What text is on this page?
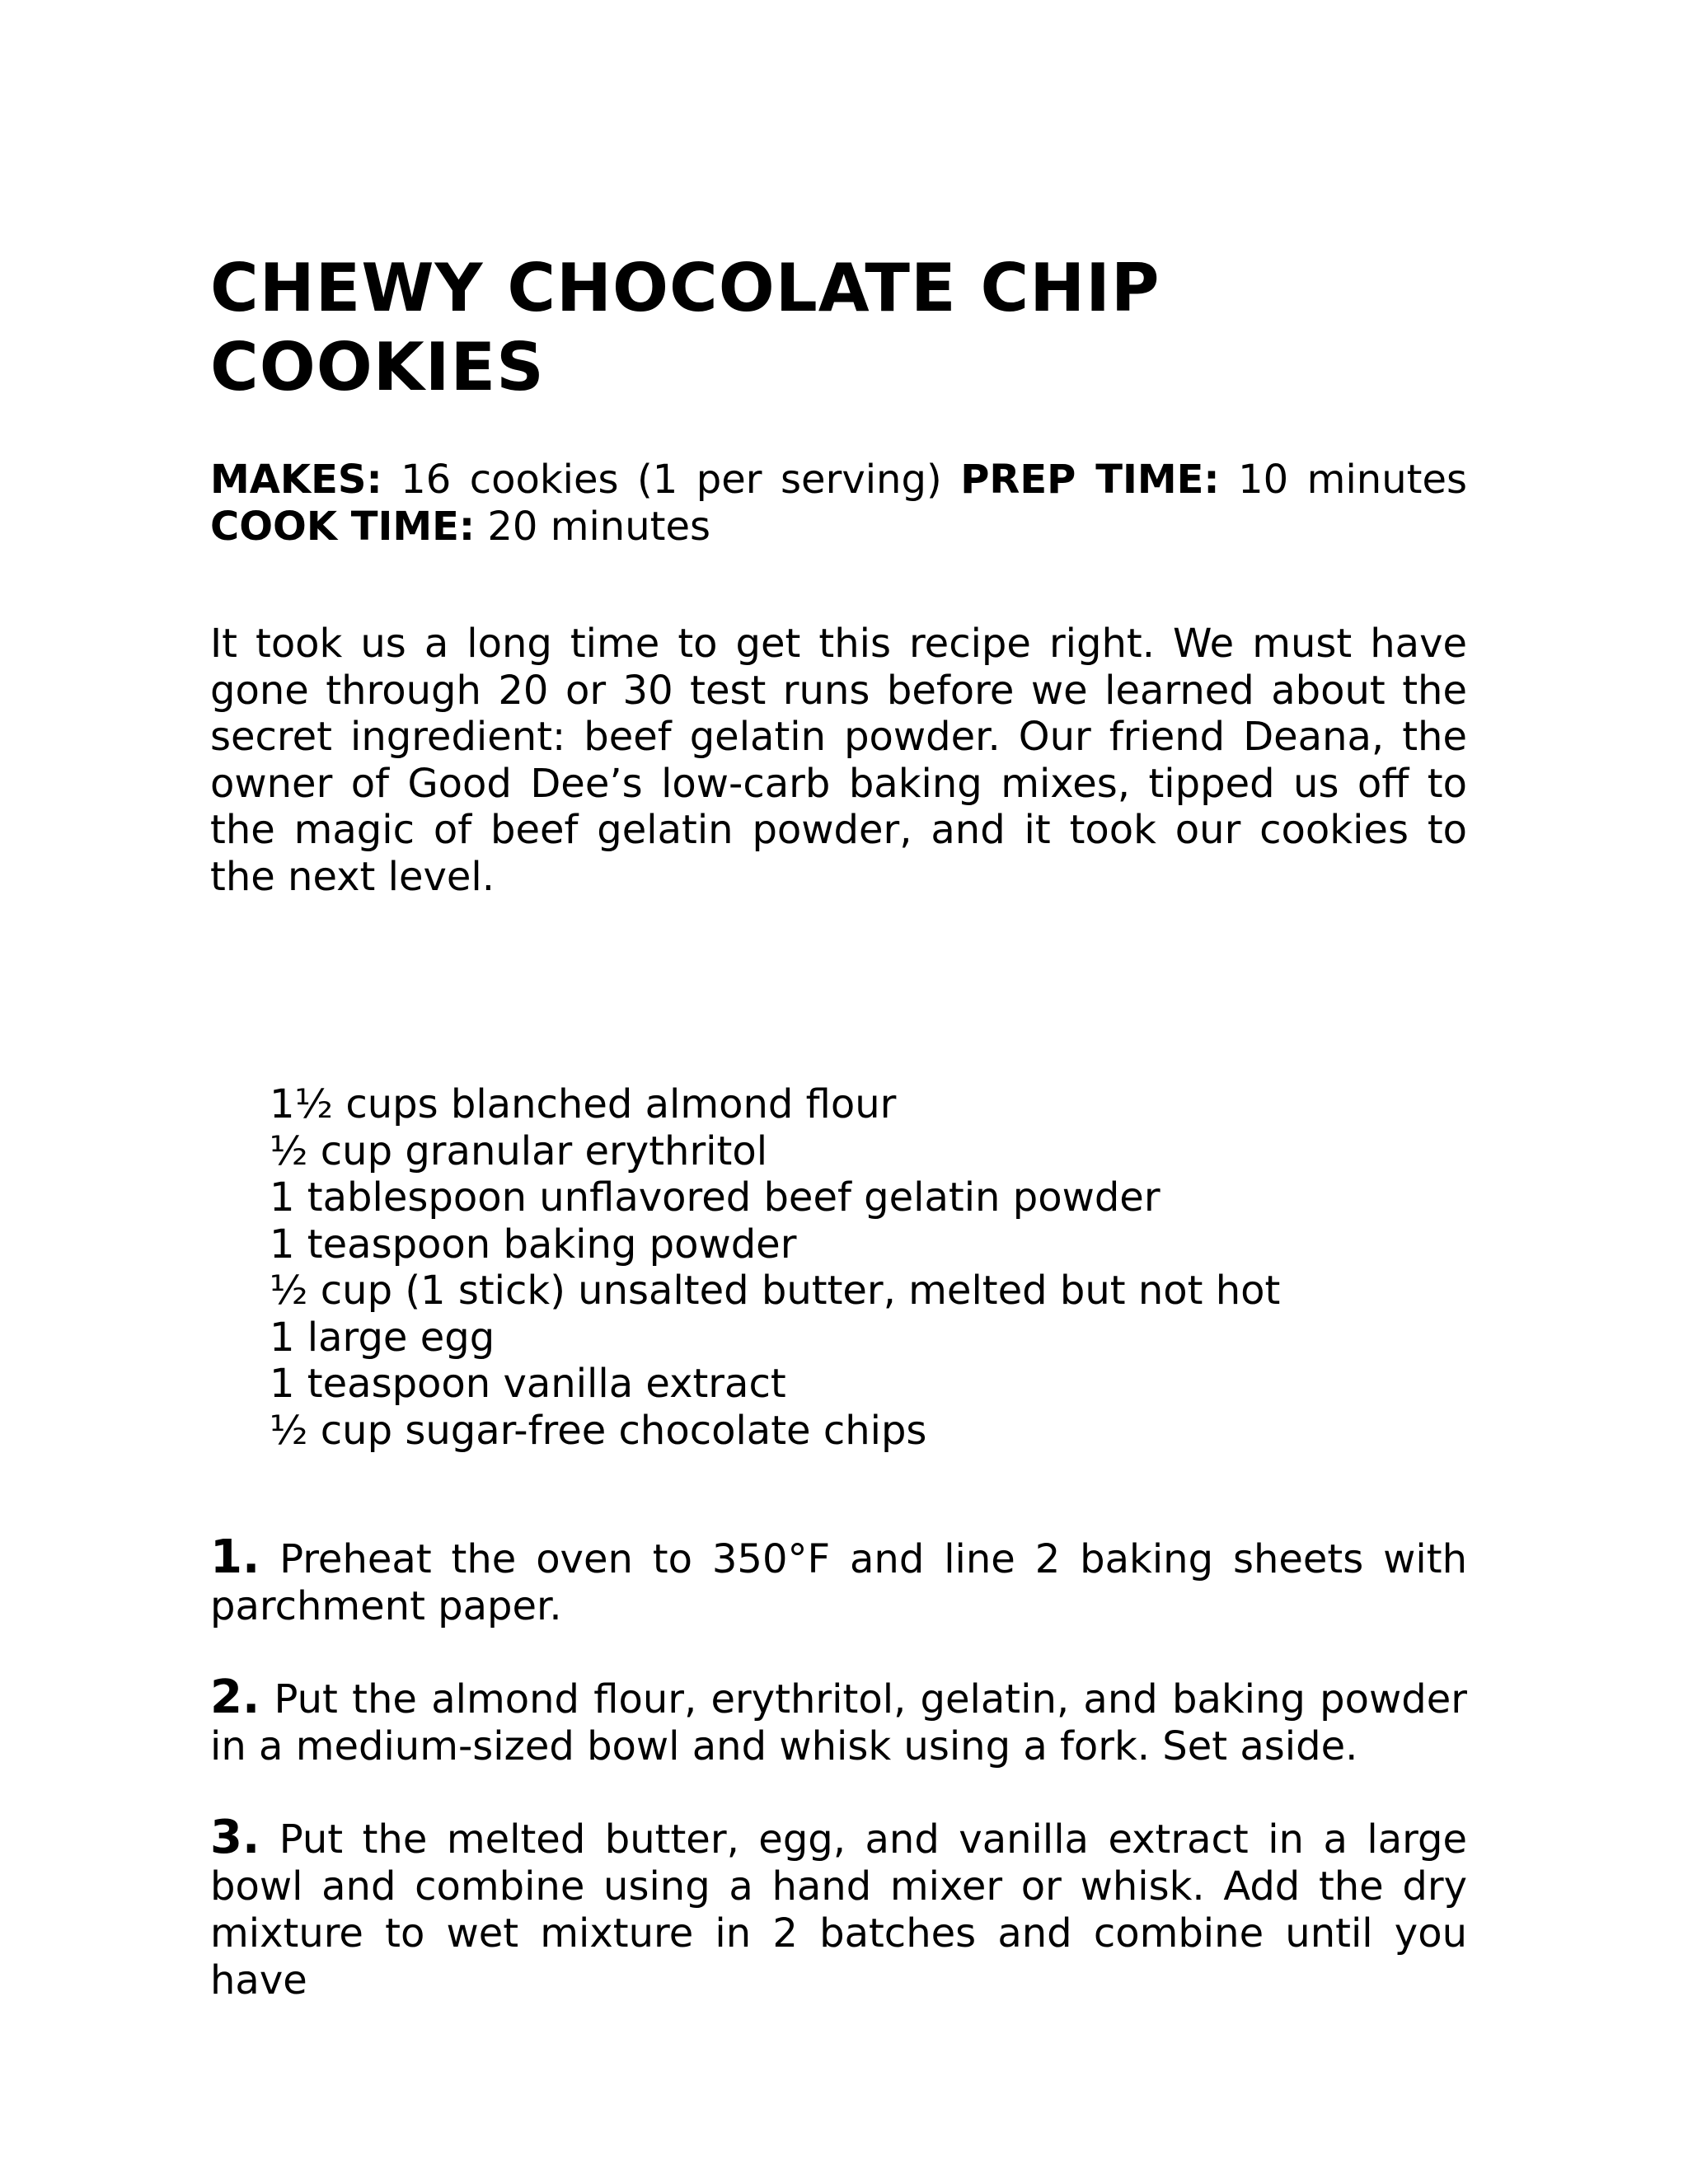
CHEWY CHOCOLATE CHIP COOKIES
MAKES: 16 cookies (1 per serving) PREP TIME: 10 minutes COOK TIME: 20 minutes

It took us a long time to get this recipe right. We must have gone through 20 or 30 test runs before we learned about the secret ingredient: beef gelatin powder. Our friend Deana, the owner of Good Dee’s low-carb baking mixes, tipped us off to the magic of beef gelatin powder, and it took our cookies to the next level.

1½ cups blanched almond flour
½ cup granular erythritol
1 tablespoon unflavored beef gelatin powder
1 teaspoon baking powder
½ cup (1 stick) unsalted butter, melted but not hot
1 large egg
1 teaspoon vanilla extract
½ cup sugar-free chocolate chips

1. Preheat the oven to 350°F and line 2 baking sheets with parchment paper.

2. Put the almond flour, erythritol, gelatin, and baking powder in a medium-sized bowl and whisk using a fork. Set aside.

3. Put the melted butter, egg, and vanilla extract in a large bowl and combine using a hand mixer or whisk. Add the dry mixture to wet mixture in 2 batches and combine until you have
